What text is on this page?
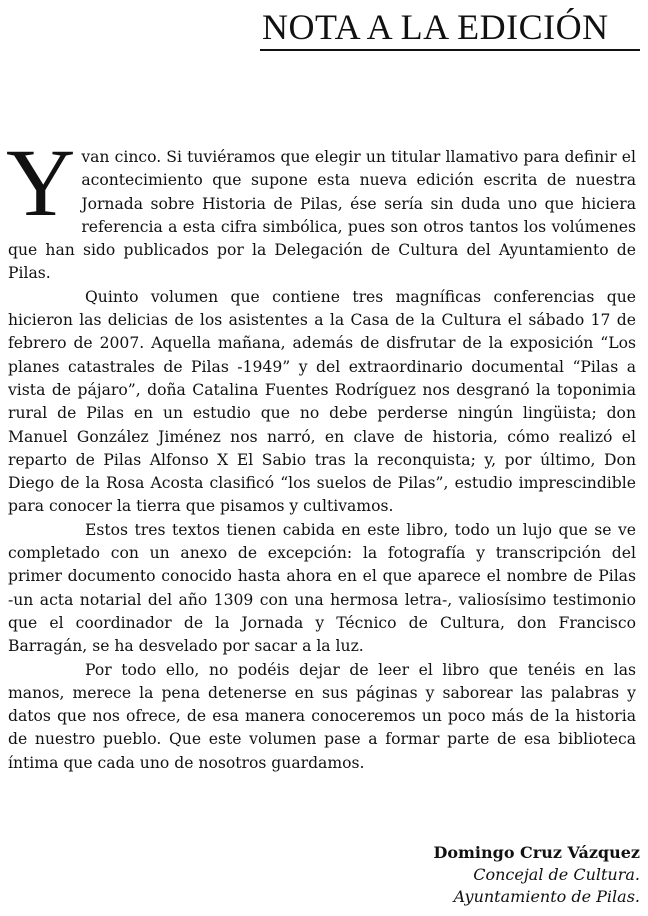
NOTA A LA EDICIÓN

Yvan cinco. Si tuviéramos que elegir un titular llamativo para definir el acontecimiento que supone esta nueva edición escrita de nuestra Jornada sobre Historia de Pilas, ése sería sin duda uno que hiciera referencia a esta cifra simbólica, pues son otros tantos los volúmenes que han sido publicados por la Delegación de Cultura del Ayuntamiento de Pilas.

Quinto volumen que contiene tres magníficas conferencias que hicieron las delicias de los asistentes a la Casa de la Cultura el sábado 17 de febrero de 2007. Aquella mañana, además de disfrutar de la exposición “Los planes catastrales de Pilas -1949” y del extraordinario documental “Pilas a vista de pájaro”, doña Catalina Fuentes Rodríguez nos desgranó la toponimia rural de Pilas en un estudio que no debe perderse ningún lingüista; don Manuel González Jiménez nos narró, en clave de historia, cómo realizó el reparto de Pilas Alfonso X El Sabio tras la reconquista; y, por último, Don Diego de la Rosa Acosta clasificó “los suelos de Pilas”, estudio imprescindible para conocer la tierra que pisamos y cultivamos.

Estos tres textos tienen cabida en este libro, todo un lujo que se ve completado con un anexo de excepción: la fotografía y transcripción del primer documento conocido hasta ahora en el que aparece el nombre de Pilas -un acta notarial del año 1309 con una hermosa letra-, valiosísimo testimonio que el coordinador de la Jornada y Técnico de Cultura, don Francisco Barragán, se ha desvelado por sacar a la luz.

Por todo ello, no podéis dejar de leer el libro que tenéis en las manos, merece la pena detenerse en sus páginas y saborear las palabras y datos que nos ofrece, de esa manera conoceremos un poco más de la historia de nuestro pueblo. Que este volumen pase a formar parte de esa biblioteca íntima que cada uno de nosotros guardamos.

Domingo Cruz Vázquez
Concejal de Cultura.
Ayuntamiento de Pilas.
